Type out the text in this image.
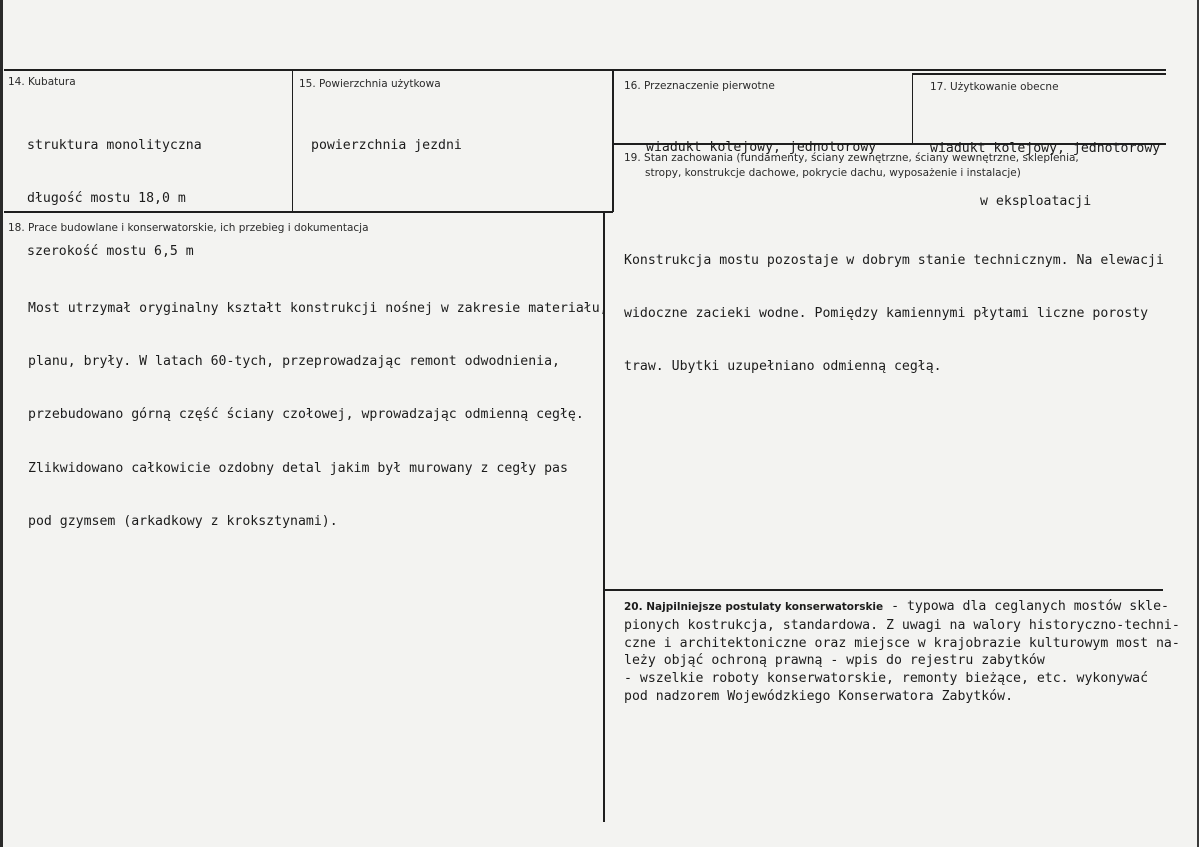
14. Kubatura

struktura monolityczna

długość mostu 18,0 m

szerokość mostu 6,5 m

15. Powierzchnia użytkowa

powierzchnia jezdni

16. Przeznaczenie pierwotne

wiadukt kolejowy, jednotorowy

17. Użytkowanie obecne

wiadukt kolejowy, jednotorowy

w eksploatacji

19. Stan zachowania (fundamenty, ściany zewnętrzne, ściany wewnętrzne, sklepienia,
stropy, konstrukcje dachowe, pokrycie dachu, wyposażenie i instalacje)

Konstrukcja mostu pozostaje w dobrym stanie technicznym. Na elewacji

widoczne zacieki wodne. Pomiędzy kamiennymi płytami liczne porosty

traw. Ubytki uzupełniano odmienną cegłą.

18. Prace budowlane i konserwatorskie, ich przebieg i dokumentacja

Most utrzymał oryginalny kształt konstrukcji nośnej w zakresie materiału,

planu, bryły. W latach 60-tych, przeprowadzając remont odwodnienia,

przebudowano górną część ściany czołowej, wprowadzając odmienną cegłę.

Zlikwidowano całkowicie ozdobny detal jakim był murowany z cegły pas

pod gzymsem (arkadkowy z kroksztynami).

20. Najpilniejsze postulaty konserwatorskie - typowa dla ceglanych mostów skle-
pionych kostrukcja, standardowa. Z uwagi na walory historyczno-techni-
czne i architektoniczne oraz miejsce w krajobrazie kulturowym most na-
leży objąć ochroną prawną - wpis do rejestru zabytków
- wszelkie roboty konserwatorskie, remonty bieżące, etc. wykonywać
pod nadzorem Wojewódzkiego Konserwatora Zabytków.
